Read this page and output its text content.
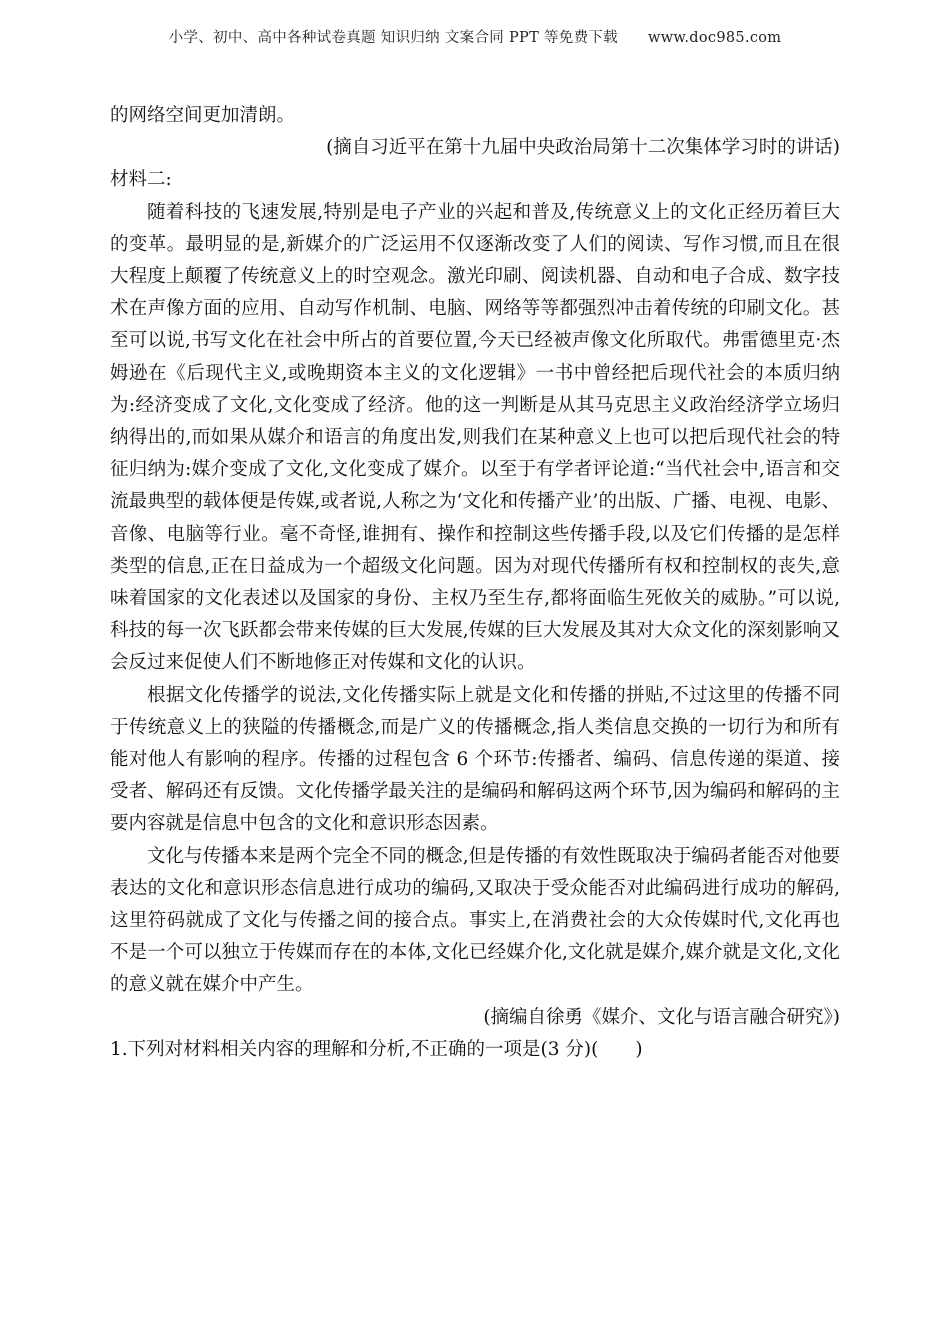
小学、初中、高中各种试卷真题 知识归纳 文案合同 PPT 等免费下载 www.doc985.com

的网络空间更加清朗。

(摘自习近平在第十九届中央政治局第十二次集体学习时的讲话)

材料二:

随着科技的飞速发展,特别是电子产业的兴起和普及,传统意义上的文化正经历着巨大的变革。最明显的是,新媒介的广泛运用不仅逐渐改变了人们的阅读、写作习惯,而且在很大程度上颠覆了传统意义上的时空观念。激光印刷、阅读机器、自动和电子合成、数字技术在声像方面的应用、自动写作机制、电脑、网络等等都强烈冲击着传统的印刷文化。甚至可以说,书写文化在社会中所占的首要位置,今天已经被声像文化所取代。弗雷德里克·杰姆逊在《后现代主义,或晚期资本主义的文化逻辑》一书中曾经把后现代社会的本质归纳为:经济变成了文化,文化变成了经济。他的这一判断是从其马克思主义政治经济学立场归纳得出的,而如果从媒介和语言的角度出发,则我们在某种意义上也可以把后现代社会的特征归纳为:媒介变成了文化,文化变成了媒介。以至于有学者评论道:“当代社会中,语言和交流最典型的载体便是传媒,或者说,人称之为‘文化和传播产业’的出版、广播、电视、电影、音像、电脑等行业。毫不奇怪,谁拥有、操作和控制这些传播手段,以及它们传播的是怎样类型的信息,正在日益成为一个超级文化问题。因为对现代传播所有权和控制权的丧失,意味着国家的文化表述以及国家的身份、主权乃至生存,都将面临生死攸关的威胁。”可以说,科技的每一次飞跃都会带来传媒的巨大发展,传媒的巨大发展及其对大众文化的深刻影响又会反过来促使人们不断地修正对传媒和文化的认识。

根据文化传播学的说法,文化传播实际上就是文化和传播的拼贴,不过这里的传播不同于传统意义上的狭隘的传播概念,而是广义的传播概念,指人类信息交换的一切行为和所有能对他人有影响的程序。传播的过程包含 6 个环节:传播者、编码、信息传递的渠道、接受者、解码还有反馈。文化传播学最关注的是编码和解码这两个环节,因为编码和解码的主要内容就是信息中包含的文化和意识形态因素。

文化与传播本来是两个完全不同的概念,但是传播的有效性既取决于编码者能否对他要表达的文化和意识形态信息进行成功的编码,又取决于受众能否对此编码进行成功的解码,这里符码就成了文化与传播之间的接合点。事实上,在消费社会的大众传媒时代,文化再也不是一个可以独立于传媒而存在的本体,文化已经媒介化,文化就是媒介,媒介就是文化,文化的意义就在媒介中产生。

(摘编自徐勇《媒介、文化与语言融合研究》)

1.下列对材料相关内容的理解和分析,不正确的一项是(3 分)(　　)
